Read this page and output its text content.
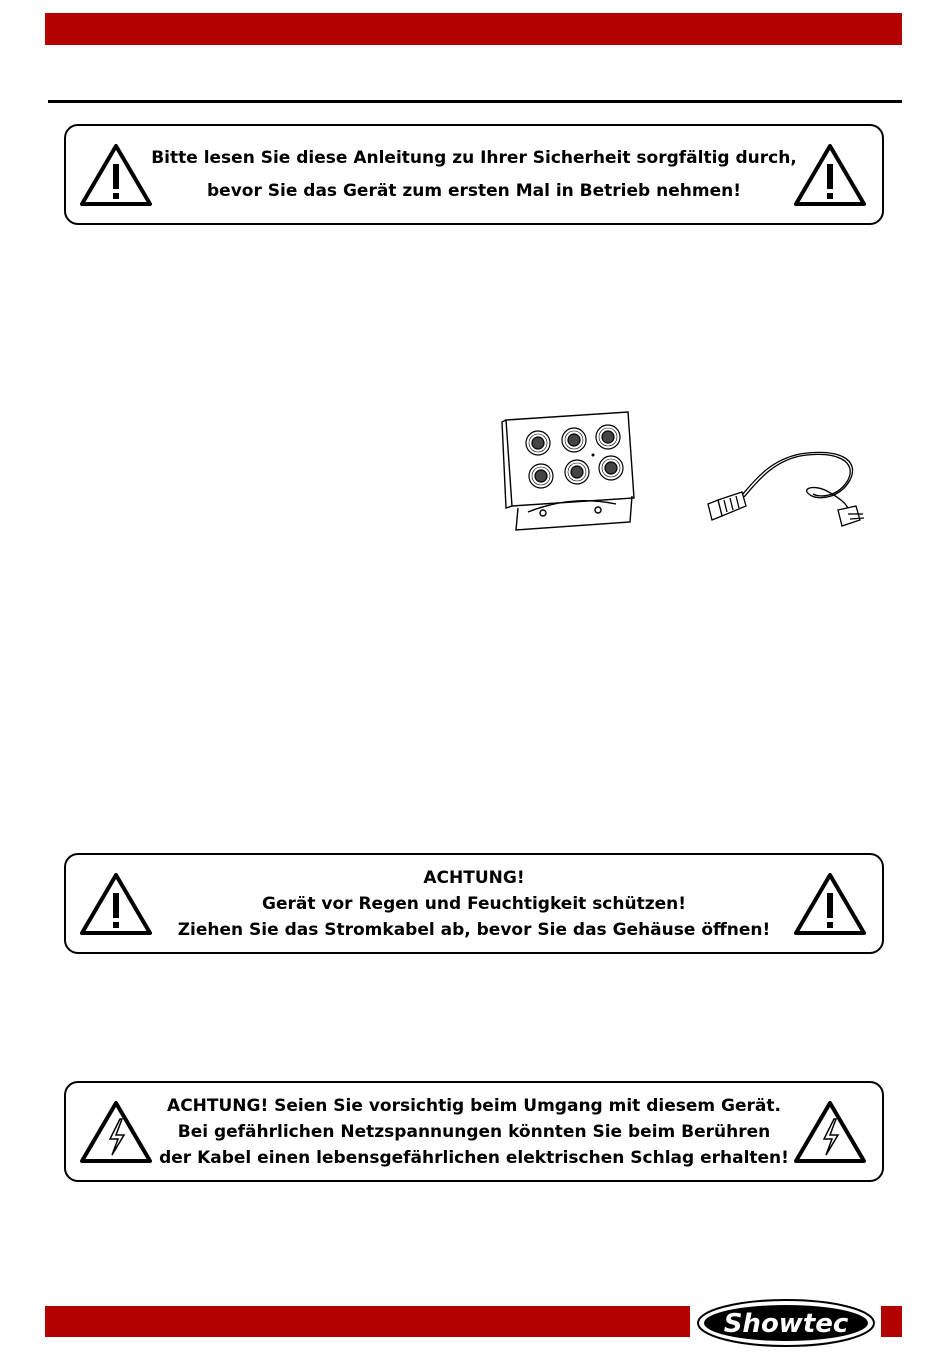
Bitte lesen Sie diese Anleitung zu Ihrer Sicherheit sorgfältig durch,
bevor Sie das Gerät zum ersten Mal in Betrieb nehmen!
ACHTUNG!
Gerät vor Regen und Feuchtigkeit schützen!
Ziehen Sie das Stromkabel ab, bevor Sie das Gehäuse öffnen!
ACHTUNG! Seien Sie vorsichtig beim Umgang mit diesem Gerät.
Bei gefährlichen Netzspannungen könnten Sie beim Berühren
der Kabel einen lebensgefährlichen elektrischen Schlag erhalten!
Showtec
